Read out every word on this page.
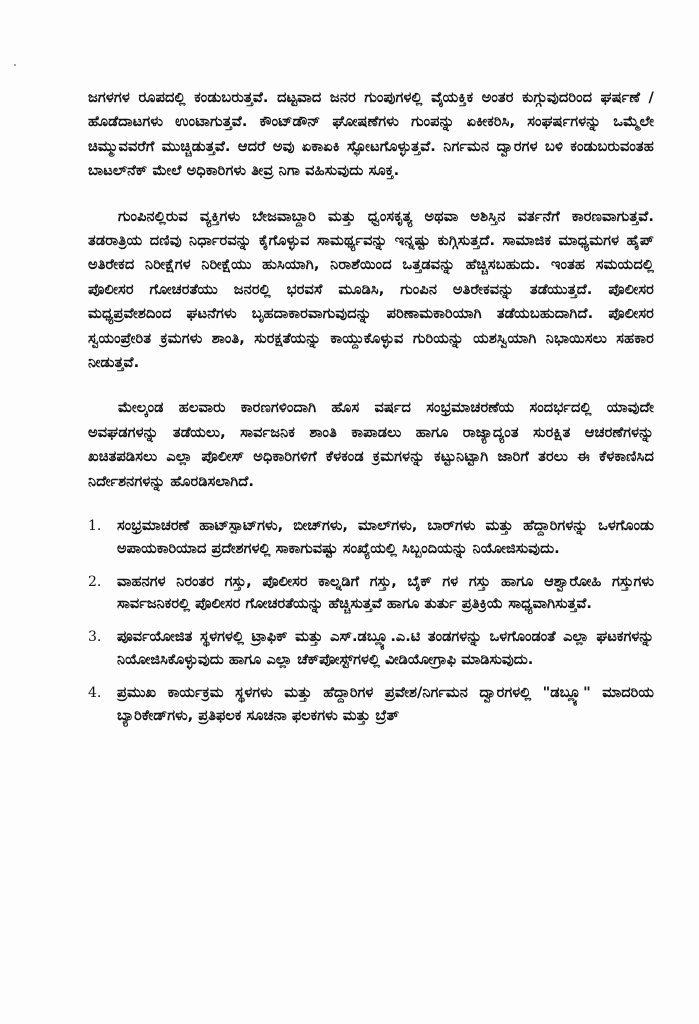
ಜಗಳಗಳ ರೂಪದಲ್ಲಿ ಕಂಡುಬರುತ್ತವೆ. ದಟ್ಟವಾದ ಜನರ ಗುಂಪುಗಳಲ್ಲಿ ವೈಯಕ್ತಿಕ ಅಂತರ ಕುಗ್ಗುವುದರಿಂದ ಘರ್ಷಣೆ /ಹೊಡೆದಾಟಗಳು ಉಂಟಾಗುತ್ತವೆ. ಕೌಂಟ್‌ಡೌನ್ ಘೋಷಣೆಗಳು ಗುಂಪನ್ನು ಏಕೀಕರಿಸಿ, ಸಂಘರ್ಷಗಳನ್ನು ಒಮ್ಮೆಲೇ ಚಿಮ್ಮುವವರೆಗೆ ಮುಚ್ಚಿಡುತ್ತವೆ. ಆದರೆ ಅವು ಏಕಾಏಕಿ ಸ್ಫೋಟಗೊಳ್ಳುತ್ತವೆ. ನಿರ್ಗಮನ ದ್ವಾರಗಳ ಬಳಿ ಕಂಡುಬರುವಂತಹ ಬಾಟಲ್‌ನೆಕ್ ಮೇಲೆ ಅಧಿಕಾರಿಗಳು ತೀವ್ರ ನಿಗಾ ವಹಿಸುವುದು ಸೂಕ್ತ.

ಗುಂಪಿನಲ್ಲಿರುವ ವ್ಯಕ್ತಿಗಳು ಬೇಜವಾಬ್ದಾರಿ ಮತ್ತು ಧ್ವಂಸಕೃತ್ಯ ಅಥವಾ ಅಶಿಸ್ತಿನ ವರ್ತನೆಗೆ ಕಾರಣವಾಗುತ್ತವೆ. ತಡರಾತ್ರಿಯ ದಣಿವು ನಿರ್ಧಾರವನ್ನು ಕೈಗೊಳ್ಳುವ ಸಾಮರ್ಥ್ಯವನ್ನು ಇನ್ನಷ್ಟು ಕುಗ್ಗಿಸುತ್ತದೆ. ಸಾಮಾಜಿಕ ಮಾಧ್ಯಮಗಳ ಹೈಪ್ ಅತಿರೇಕದ ನಿರೀಕ್ಷೆಗಳ ನಿರೀಕ್ಷೆಯು ಹುಸಿಯಾಗಿ, ನಿರಾಶೆಯಿಂದ ಒತ್ತಡವನ್ನು ಹೆಚ್ಚಿಸಬಹುದು. ಇಂತಹ ಸಮಯದಲ್ಲಿ ಪೊಲೀಸರ ಗೋಚರತೆಯು ಜನರಲ್ಲಿ ಭರವಸೆ ಮೂಡಿಸಿ, ಗುಂಪಿನ ಅತಿರೇಕವನ್ನು ತಡೆಯುತ್ತದೆ. ಪೊಲೀಸರ ಮಧ್ಯಪ್ರವೇಶದಿಂದ ಘಟನೆಗಳು ಬೃಹದಾಕಾರವಾಗುವುದನ್ನು ಪರಿಣಾಮಕಾರಿಯಾಗಿ ತಡೆಯಬಹುದಾಗಿದೆ. ಪೊಲೀಸರ ಸ್ವಯಂಪ್ರೇರಿತ ಕ್ರಮಗಳು ಶಾಂತಿ, ಸುರಕ್ಷತೆಯನ್ನು ಕಾಯ್ದುಕೊಳ್ಳುವ ಗುರಿಯನ್ನು ಯಶಸ್ವಿಯಾಗಿ ನಿಭಾಯಿಸಲು ಸಹಕಾರ ನೀಡುತ್ತವೆ.

ಮೇಲ್ಕಂಡ ಹಲವಾರು ಕಾರಣಗಳಿಂದಾಗಿ ಹೊಸ ವರ್ಷದ ಸಂಭ್ರಮಾಚರಣೆಯ ಸಂದರ್ಭದಲ್ಲಿ ಯಾವುದೇ ಅವಘಡಗಳನ್ನು ತಡೆಯಲು, ಸಾರ್ವಜನಿಕ ಶಾಂತಿ ಕಾಪಾಡಲು ಹಾಗೂ ರಾಜ್ಯಾದ್ಯಂತ ಸುರಕ್ಷಿತ ಆಚರಣೆಗಳನ್ನು ಖಚಿತಪಡಿಸಲು ಎಲ್ಲಾ ಪೊಲೀಸ್ ಅಧಿಕಾರಿಗಳಿಗೆ ಕೆಳಕಂಡ ಕ್ರಮಗಳನ್ನು ಕಟ್ಟುನಿಟ್ಟಾಗಿ ಜಾರಿಗೆ ತರಲು ಈ ಕೆಳಕಾಣಿಸಿದ ನಿರ್ದೇಶನಗಳನ್ನು ಹೊರಡಿಸಲಾಗಿದೆ.

1. ಸಂಭ್ರಮಾಚರಣೆ ಹಾಟ್‌ಸ್ಪಾಟ್‌ಗಳು, ಬೀಚ್‌ಗಳು, ಮಾಲ್‌ಗಳು, ಬಾರ್‌ಗಳು ಮತ್ತು ಹೆದ್ದಾರಿಗಳನ್ನು ಒಳಗೊಂಡು ಅಪಾಯಕಾರಿಯಾದ ಪ್ರದೇಶಗಳಲ್ಲಿ ಸಾಕಾಗುವಷ್ಟು ಸಂಖ್ಯೆಯಲ್ಲಿ ಸಿಬ್ಬಂದಿಯನ್ನು ನಿಯೋಜಿಸುವುದು.
2. ವಾಹನಗಳ ನಿರಂತರ ಗಸ್ತು, ಪೊಲೀಸರ ಕಾಲ್ನಡಿಗೆ ಗಸ್ತು, ಬೈಕ್ ಗಳ ಗಸ್ತು ಹಾಗೂ ಆಶ್ವಾರೋಹಿ ಗಸ್ತುಗಳು ಸಾರ್ವಜನಿಕರಲ್ಲಿ ಪೊಲೀಸರ ಗೋಚರತೆಯನ್ನು ಹೆಚ್ಚಿಸುತ್ತವೆ ಹಾಗೂ ತುರ್ತು ಪ್ರತಿಕ್ರಿಯೆ ಸಾಧ್ಯವಾಗಿಸುತ್ತವೆ.
3. ಪೂರ್ವಯೋಜಿತ ಸ್ಥಳಗಳಲ್ಲಿ ಟ್ರಾಫಿಕ್ ಮತ್ತು ಎಸ್.ಡಬ್ಲ್ಯೂ.ಎ.ಟಿ ತಂಡಗಳನ್ನು ಒಳಗೊಂಡಂತೆ ಎಲ್ಲಾ ಘಟಕಗಳನ್ನು ನಿಯೋಜಿಸಿಕೊಳ್ಳುವುದು ಹಾಗೂ ಎಲ್ಲಾ ಚೆಕ್‌ಪೋಸ್ಟ್‌ಗಳಲ್ಲಿ ವೀಡಿಯೋಗ್ರಾಫಿ ಮಾಡಿಸುವುದು.
4. ಪ್ರಮುಖ ಕಾರ್ಯಕ್ರಮ ಸ್ಥಳಗಳು ಮತ್ತು ಹೆದ್ದಾರಿಗಳ ಪ್ರವೇಶ/ನಿರ್ಗಮನ ದ್ವಾರಗಳಲ್ಲಿ "ಡಬ್ಲ್ಯೂ" ಮಾದರಿಯ ಬ್ಯಾರಿಕೇಡ್‌ಗಳು, ಪ್ರತಿಫಲಕ ಸೂಚನಾ ಫಲಕಗಳು ಮತ್ತು ಬ್ರೆತ್
